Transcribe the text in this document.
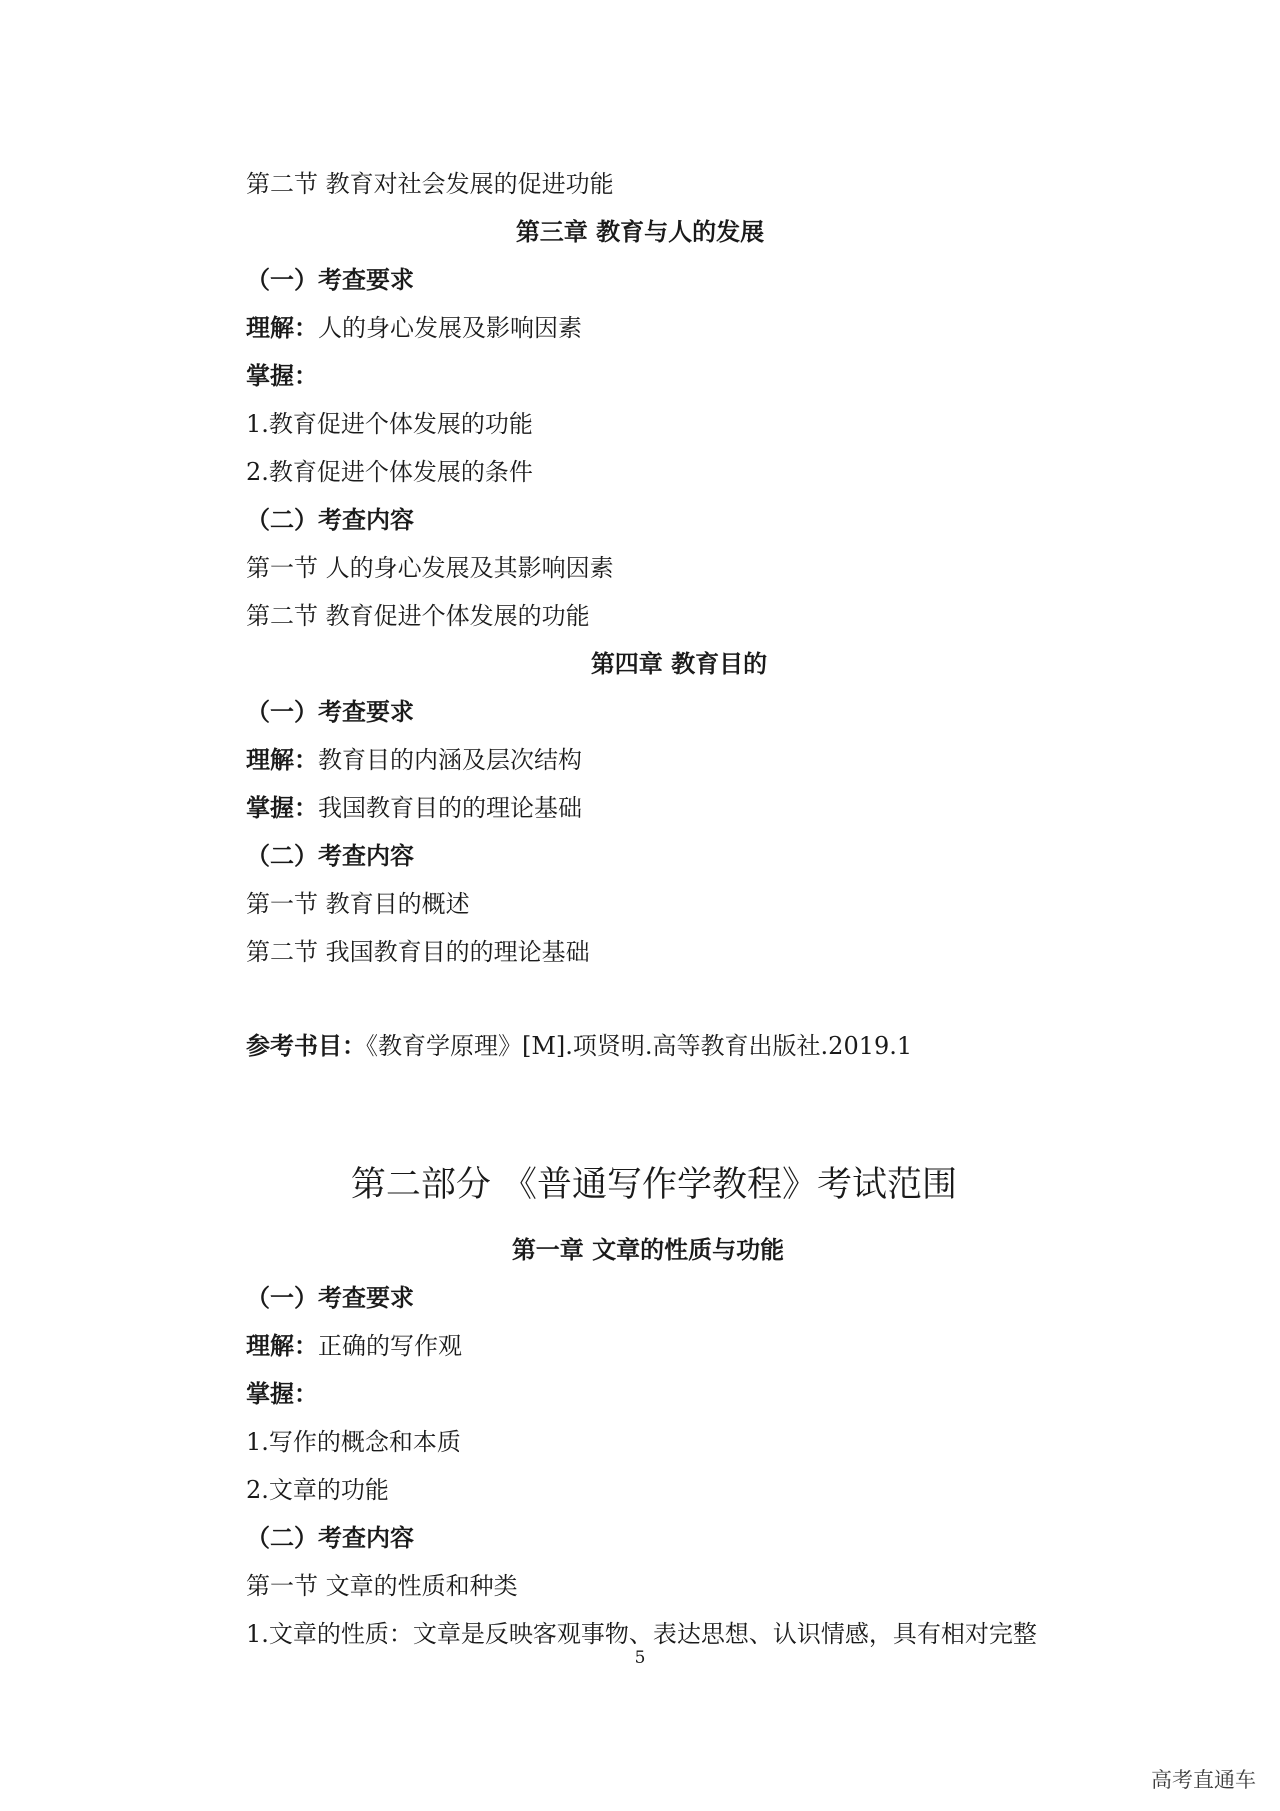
第二节 教育对社会发展的促进功能
第三章 教育与人的发展
（一）考查要求
理解：人的身心发展及影响因素
掌握：
1.教育促进个体发展的功能
2.教育促进个体发展的条件
（二）考查内容
第一节 人的身心发展及其影响因素
第二节 教育促进个体发展的功能
第四章 教育目的
（一）考查要求
理解：教育目的内涵及层次结构
掌握：我国教育目的的理论基础
（二）考查内容
第一节 教育目的概述
第二节 我国教育目的的理论基础
参考书目：《教育学原理》[M].项贤明.高等教育出版社.2019.1
第二部分 《普通写作学教程》考试范围
第一章 文章的性质与功能
（一）考查要求
理解：正确的写作观
掌握：
1.写作的概念和本质
2.文章的功能
（二）考查内容
第一节 文章的性质和种类
1.文章的性质：文章是反映客观事物、表达思想、认识情感，具有相对完整
5
高考直通车
